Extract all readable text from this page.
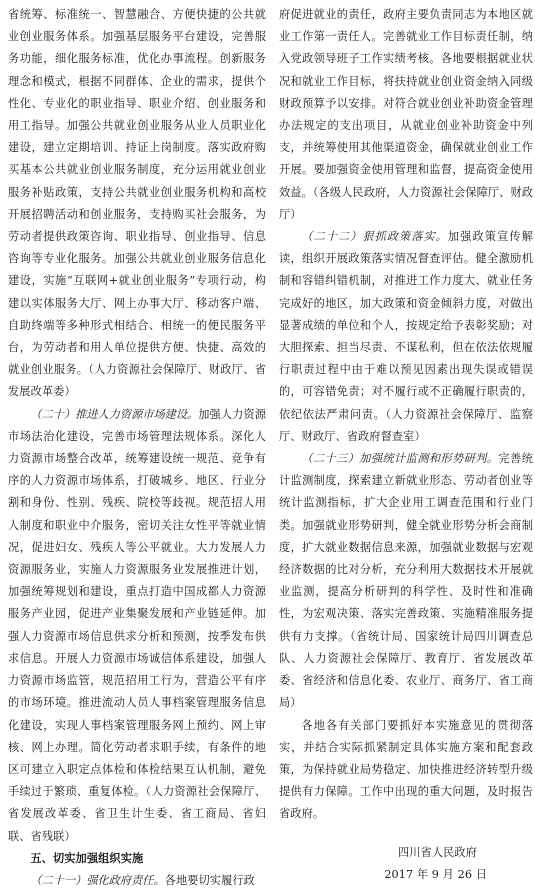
省统筹、标准统一、智慧融合、方便快捷的公共就业创业服务体系。加强基层服务平台建设，完善服务功能，细化服务标准，优化办事流程。创新服务理念和模式，根据不同群体、企业的需求，提供个性化、专业化的职业指导、职业介绍、创业服务和用工指导。加强公共就业创业服务从业人员职业化建设，建立定期培训、持证上岗制度。落实政府购买基本公共就业创业服务制度，充分运用就业创业服务补贴政策，支持公共就业创业服务机构和高校开展招聘活动和创业服务，支持购买社会服务，为劳动者提供政策咨询、职业指导、创业指导、信息咨询等专业化服务。加强公共就业创业服务信息化建设，实施“互联网+就业创业服务”专项行动，构建以实体服务大厅、网上办事大厅、移动客户端、自助终端等多种形式相结合、相统一的便民服务平台，为劳动者和用人单位提供方便、快捷、高效的就业创业服务。（人力资源社会保障厅、财政厅、省发展改革委）

（二十）推进人力资源市场建设。加强人力资源市场法治化建设，完善市场管理法规体系。深化人力资源市场整合改革，统筹建设统一规范、竞争有序的人力资源市场体系，打破城乡、地区、行业分割和身份、性别、残疾、院校等歧视。规范招人用人制度和职业中介服务，密切关注女性平等就业情况，促进妇女、残疾人等公平就业。大力发展人力资源服务业，实施人力资源服务业发展推进计划，加强统筹规划和建设，重点打造中国成都人力资源服务产业园，促进产业集聚发展和产业链延伸。加强人力资源市场信息供求分析和预测，按季发布供求信息。开展人力资源市场诚信体系建设，加强人力资源市场监管，规范招用工行为，营造公平有序的市场环境。推进流动人员人事档案管理服务信息化建设，实现人事档案管理服务网上预约、网上审核、网上办理。简化劳动者求职手续，有条件的地区可建立入职定点体检和体检结果互认机制，避免手续过于繁琐、重复体检。（人力资源社会保障厅、省发展改革委、省卫生计生委、省工商局、省妇联、省残联）

五、切实加强组织实施

（二十一）强化政府责任。各地要切实履行政

府促进就业的责任，政府主要负责同志为本地区就业工作第一责任人。完善就业工作目标责任制，纳入党政领导班子工作实绩考核。各地要根据就业状况和就业工作目标，将扶持就业创业资金纳入同级财政预算予以安排。对符合就业创业补助资金管理办法规定的支出项目，从就业创业补助资金中列支，并统筹使用其他渠道资金，确保就业创业工作开展。要加强资金使用管理和监督，提高资金使用效益。（各级人民政府，人力资源社会保障厅、财政厅）

（二十二）狠抓政策落实。加强政策宣传解读，组织开展政策落实情况督查评估。健全激励机制和容错纠错机制，对推进工作力度大、就业任务完成好的地区，加大政策和资金倾斜力度，对做出显著成绩的单位和个人，按规定给予表彰奖励；对大胆探索、担当尽责、不谋私利，但在依法依规履行职责过程中由于难以预见因素出现失误或错误的，可容错免责；对不履行或不正确履行职责的，依纪依法严肃问责。（人力资源社会保障厅、监察厅、财政厅、省政府督查室）

（二十三）加强统计监测和形势研判。完善统计监测制度，探索建立新就业形态、劳动者创业等统计监测指标，扩大企业用工调查范围和行业门类。加强就业形势研判，健全就业形势分析会商制度，扩大就业数据信息来源，加强就业数据与宏观经济数据的比对分析，充分利用大数据技术开展就业监测，提高分析研判的科学性、及时性和准确性，为宏观决策、落实完善政策、实施精准服务提供有力支撑。（省统计局、国家统计局四川调查总队、人力资源社会保障厅、教育厅、省发展改革委、省经济和信息化委、农业厅、商务厅、省工商局）

各地各有关部门要抓好本实施意见的贯彻落实，并结合实际抓紧制定具体实施方案和配套政策，为保持就业局势稳定、加快推进经济转型升级提供有力保障。工作中出现的重大问题，及时报告省政府。

四川省人民政府

2017 年 9 月 26 日
